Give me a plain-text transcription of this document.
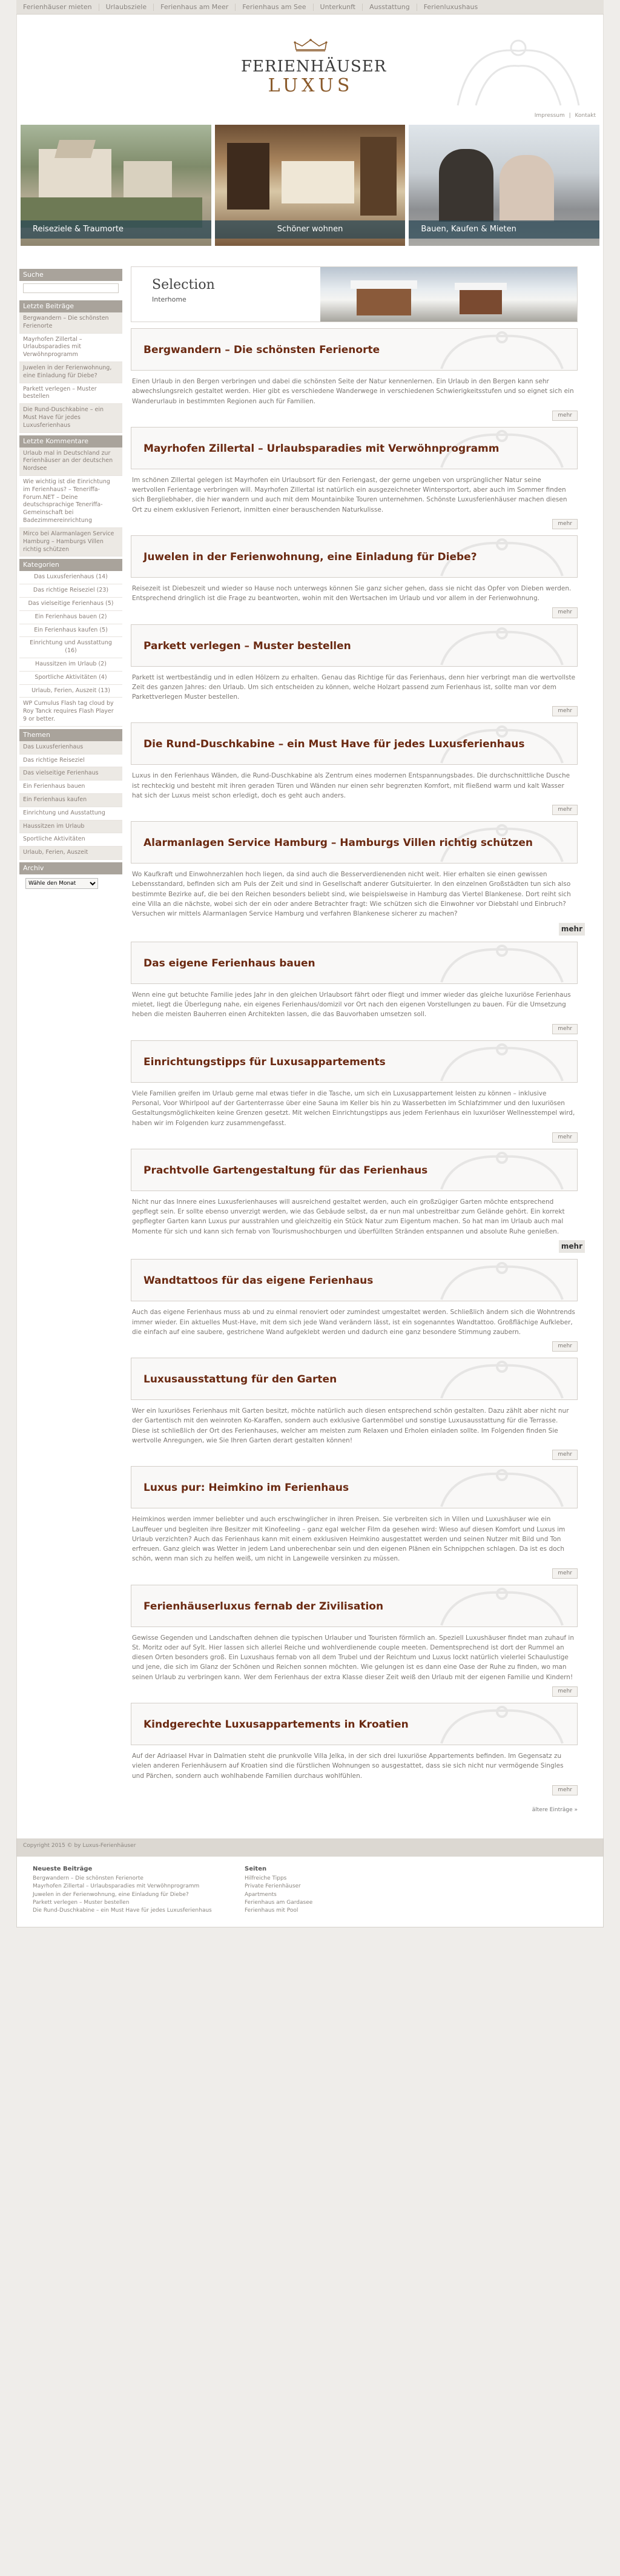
Ferienhäuser mieten	Urlaubsziele	Ferienhaus am Meer	Ferienhaus am See	Unterkunft	Ausstattung	Ferienluxushaus
FERIENHÄUSER
LUXUS
Impressum | Kontakt
Reiseziele & Traumorte	Schöner wohnen	Bauen, Kaufen & Mieten
Suche
Letzte Beiträge
Bergwandern – Die schönsten Ferienorte
Mayrhofen Zillertal – Urlaubsparadies mit Verwöhnprogramm
Juwelen in der Ferienwohnung, eine Einladung für Diebe?
Parkett verlegen – Muster bestellen
Die Rund-Duschkabine – ein Must Have für jedes Luxusferienhaus
Letzte Kommentare
Urlaub mal in Deutschland zur Ferienhäuser an der deutschen Nordsee
Wie wichtig ist die Einrichtung im Ferienhaus? – Teneriffa-Forum.NET – Deine deutschsprachige Teneriffa-Gemeinschaft bei Badezimmereinrichtung
Mirco bei Alarmanlagen Service Hamburg – Hamburgs Villen richtig schützen
Kategorien
Das Luxusferienhaus (14)
Das richtige Reiseziel (23)
Das vielseitige Ferienhaus (5)
Ein Ferienhaus bauen (2)
Ein Ferienhaus kaufen (5)
Einrichtung und Ausstattung (16)
Haussitzen im Urlaub (2)
Sportliche Aktivitäten (4)
Urlaub, Ferien, Auszeit (13)
WP Cumulus Flash tag cloud by Roy Tanck requires Flash Player 9 or better.
Themen
Das Luxusferienhaus
Das richtige Reiseziel
Das vielseitige Ferienhaus
Ein Ferienhaus bauen
Ein Ferienhaus kaufen
Einrichtung und Ausstattung
Haussitzen im Urlaub
Sportliche Aktivitäten
Urlaub, Ferien, Auszeit
Archiv
Wähle den Monat
Selection
Interhome
Bergwandern – Die schönsten Ferienorte

Einen Urlaub in den Bergen verbringen und dabei die schönsten Seite der Natur kennenlernen. Ein Urlaub in den Bergen kann sehr abwechslungsreich gestaltet werden. Hier gibt es verschiedene Wanderwege in verschiedenen Schwierigkeitsstufen und so eignet sich ein Wanderurlaub in bestimmten Regionen auch für Familien.

mehr
Mayrhofen Zillertal – Urlaubsparadies mit Verwöhnprogramm

Im schönen Zillertal gelegen ist Mayrhofen ein Urlaubsort für den Feriengast, der gerne ungeben von ursprünglicher Natur seine wertvollen Ferientage verbringen will. Mayrhofen Zillertal ist natürlich ein ausgezeichneter Wintersportort, aber auch im Sommer finden sich Bergliebhaber, die hier wandern und auch mit dem Mountainbike Touren unternehmen. Schönste Luxusferienhäuser machen diesen Ort zu einem exklusiven Ferienort, inmitten einer berauschenden Naturkulisse.

mehr
Juwelen in der Ferienwohnung, eine Einladung für Diebe?

Reisezeit ist Diebeszeit und wieder so Hause noch unterwegs können Sie ganz sicher gehen, dass sie nicht das Opfer von Dieben werden. Entsprechend dringlich ist die Frage zu beantworten, wohin mit den Wertsachen im Urlaub und vor allem in der Ferienwohnung.

mehr
Parkett verlegen – Muster bestellen

Parkett ist wertbeständig und in edlen Hölzern zu erhalten. Genau das Richtige für das Ferienhaus, denn hier verbringt man die wertvollste Zeit des ganzen Jahres: den Urlaub. Um sich entscheiden zu können, welche Holzart passend zum Ferienhaus ist, sollte man vor dem Parkettverlegen Muster bestellen.

mehr
Die Rund-Duschkabine – ein Must Have für jedes Luxusferienhaus

Luxus in den Ferienhaus Wänden, die Rund-Duschkabine als Zentrum eines modernen Entspannungsbades. Die durchschnittliche Dusche ist rechteckig und besteht mit ihren geraden Türen und Wänden nur einen sehr begrenzten Komfort, mit fließend warm und kalt Wasser hat sich der Luxus meist schon erledigt, doch es geht auch anders.

mehr
Alarmanlagen Service Hamburg – Hamburgs Villen richtig schützen

Wo Kaufkraft und Einwohnerzahlen hoch liegen, da sind auch die Besserverdienenden nicht weit. Hier erhalten sie einen gewissen Lebensstandard, befinden sich am Puls der Zeit und sind in Gesellschaft anderer Gutsituierter. In den einzelnen Großstädten tun sich also bestimmte Bezirke auf, die bei den Reichen besonders beliebt sind, wie beispielsweise in Hamburg das Viertel Blankenese. Dort reiht sich eine Villa an die nächste, wobei sich der ein oder andere Betrachter fragt: Wie schützen sich die Einwohner vor Diebstahl und Einbruch? Versuchen wir mittels Alarmanlagen Service Hamburg und verfahren Blankenese sicherer zu machen?

mehr
Das eigene Ferienhaus bauen

Wenn eine gut betuchte Familie jedes Jahr in den gleichen Urlaubsort fährt oder fliegt und immer wieder das gleiche luxuriöse Ferienhaus mietet, liegt die Überlegung nahe, ein eigenes Ferienhaus/domizil vor Ort nach den eigenen Vorstellungen zu bauen. Für die Umsetzung heben die meisten Bauherren einen Architekten lassen, die das Bauvorhaben umsetzen soll.

mehr
Einrichtungstipps für Luxusappartements

Viele Familien greifen im Urlaub gerne mal etwas tiefer in die Tasche, um sich ein Luxusappartement leisten zu können – inklusive Personal, Voor Whirlpool auf der Gartenterrasse über eine Sauna im Keller bis hin zu Wasserbetten im Schlafzimmer und den luxuriösen Gestaltungsmöglichkeiten keine Grenzen gesetzt. Mit welchen Einrichtungstipps aus jedem Ferienhaus ein luxuriöser Wellnesstempel wird, haben wir im Folgenden kurz zusammengefasst.

mehr
Prachtvolle Gartengestaltung für das Ferienhaus

Nicht nur das Innere eines Luxusferienhauses will ausreichend gestaltet werden, auch ein großzügiger Garten möchte entsprechend gepflegt sein. Er sollte ebenso unverzigt werden, wie das Gebäude selbst, da er nun mal unbestreitbar zum Gelände gehört. Ein korrekt gepflegter Garten kann Luxus pur ausstrahlen und gleichzeitig ein Stück Natur zum Eigentum machen. So hat man im Urlaub auch mal Momente für sich und kann sich fernab von Tourismushochburgen und überfüllten Stränden entspannen und absolute Ruhe genießen.

mehr
Wandtattoos für das eigene Ferienhaus

Auch das eigene Ferienhaus muss ab und zu einmal renoviert oder zumindest umgestaltet werden. Schließlich ändern sich die Wohntrends immer wieder. Ein aktuelles Must-Have, mit dem sich jede Wand verändern lässt, ist ein sogenanntes Wandtattoo. Großflächige Aufkleber, die einfach auf eine saubere, gestrichene Wand aufgeklebt werden und dadurch eine ganz besondere Stimmung zaubern.

mehr
Luxusausstattung für den Garten

Wer ein luxuriöses Ferienhaus mit Garten besitzt, möchte natürlich auch diesen entsprechend schön gestalten. Dazu zählt aber nicht nur der Gartentisch mit den weinroten Ko-Karaffen, sondern auch exklusive Gartenmöbel und sonstige Luxusausstattung für die Terrasse. Diese ist schließlich der Ort des Ferienhauses, welcher am meisten zum Relaxen und Erholen einladen sollte. Im Folgenden finden Sie wertvolle Anregungen, wie Sie Ihren Garten derart gestalten können!

mehr
Luxus pur: Heimkino im Ferienhaus

Heimkinos werden immer beliebter und auch erschwinglicher in ihren Preisen. Sie verbreiten sich in Villen und Luxushäuser wie ein Lauffeuer und begleiten ihre Besitzer mit Kinofeeling – ganz egal welcher Film da gesehen wird: Wieso auf diesen Komfort und Luxus im Urlaub verzichten? Auch das Ferienhaus kann mit einem exklusiven Heimkino ausgestattet werden und seinen Nutzer mit Bild und Ton erfreuen. Ganz gleich was Wetter in jedem Land unberechenbar sein und den eigenen Plänen ein Schnippchen schlagen. Da ist es doch schön, wenn man sich zu helfen weiß, um nicht in Langeweile versinken zu müssen.

mehr
Ferienhäuserluxus fernab der Zivilisation

Gewisse Gegenden und Landschaften dehnen die typischen Urlauber und Touristen förmlich an. Speziell Luxushäuser findet man zuhauf in St. Moritz oder auf Sylt. Hier lassen sich allerlei Reiche und wohlverdienende couple meeten. Dementsprechend ist dort der Rummel an diesen Orten besonders groß. Ein Luxushaus fernab von all dem Trubel und der Reichtum und Luxus lockt natürlich vielerlei Schaulustige und jene, die sich im Glanz der Schönen und Reichen sonnen möchten. Wie gelungen ist es dann eine Oase der Ruhe zu finden, wo man seinen Urlaub zu verbringen kann. Wer dem Ferienhaus der extra Klasse dieser Zeit weiß den Urlaub mit der eigenen Familie und Kindern!

mehr
Kindgerechte Luxusappartements in Kroatien

Auf der Adriaasel Hvar in Dalmatien steht die prunkvolle Villa Jelka, in der sich drei luxuriöse Appartements befinden. Im Gegensatz zu vielen anderen Ferienhäusern auf Kroatien sind die fürstlichen Wohnungen so ausgestattet, dass sie sich nicht nur vermögende Singles und Pärchen, sondern auch wohlhabende Familien durchaus wohlfühlen.

mehr
ältere Einträge »
Copyright 2015 © by Luxus-Ferienhäuser
Neueste Beiträge
Bergwandern – Die schönsten Ferienorte
Mayrhofen Zillertal – Urlaubsparadies mit Verwöhnprogramm
Juwelen in der Ferienwohnung, eine Einladung für Diebe?
Parkett verlegen – Muster bestellen
Die Rund-Duschkabine – ein Must Have für jedes Luxusferienhaus
Seiten
Hilfreiche Tipps
Private Ferienhäuser
Apartments
Ferienhaus am Gardasee
Ferienhaus mit Pool
